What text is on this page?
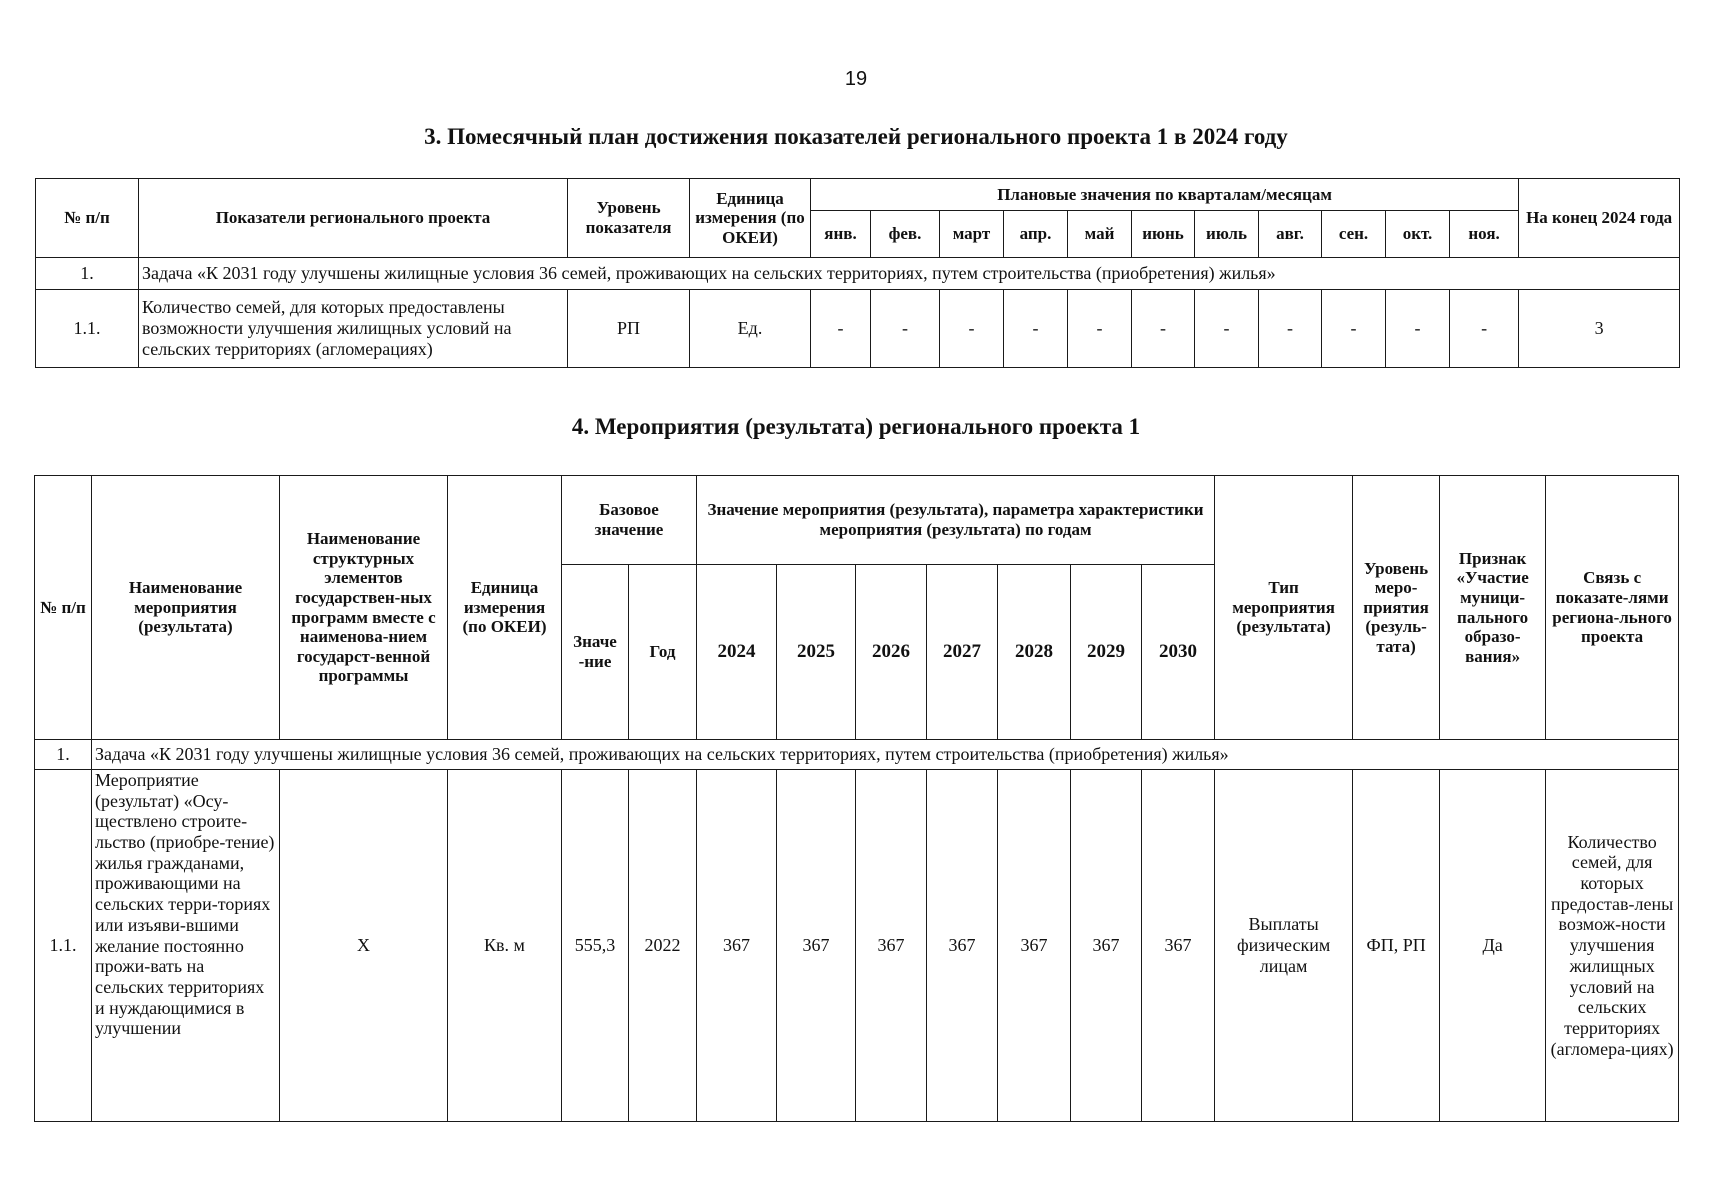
19
3. Помесячный план достижения показателей регионального проекта 1 в 2024 году
№ п/п	Показатели регионального проекта	Уровень показателя	Единица измерения (по ОКЕИ)	Плановые значения по кварталам/месяцам											На конец 2024 года
				янв.	фев.	март	апр.	май	июнь	июль	авг.	сен.	окт.	ноя.	
1.	Задача «К 2031 году улучшены жилищные условия 36 семей, проживающих на сельских территориях, путем строительства (приобретения) жилья»														
1.1.	Количество семей, для которых предоставлены возможности улучшения жилищных условий на сельских территориях (агломерациях)	РП	Ед.	-	-	-	-	-	-	-	-	-	-	-	3
4. Мероприятия (результата) регионального проекта 1
№ п/п	Наименование мероприятия (результата)	Наименование структурных элементов государствен-ных программ вместе с наименова-нием государст-венной программы	Единица измерения (по ОКЕИ)	Базовое значение		Значение мероприятия (результата), параметра характеристики мероприятия (результата) по годам							Тип мероприятия (результата)	Уровень меро-приятия (резуль-тата)	Признак «Участие муници-пального образо-вания»	Связь с показате-лями регионa-льного проекта
				Значе -ние	Год	2024	2025	2026	2027	2028	2029	2030				
1.	Задача «К 2031 году улучшены жилищные условия 36 семей, проживающих на сельских территориях, путем строительства (приобретения) жилья»															
1.1.	Мероприятие (результат) «Осу-ществлено строите-льство (приобре-тение) жилья гражданами, проживающими на сельских терри-ториях или изъяви-вшими желание постоянно прожи-вать на сельских территориях и нуждающимися в улучшении	Х	Кв. м	555,3	2022	367	367	367	367	367	367	367	Выплаты физическим лицам	ФП, РП	Да	Количество семей, для которых предостав-лены возмож-ности улучшения жилищных условий на сельских территориях (агломера-циях)
